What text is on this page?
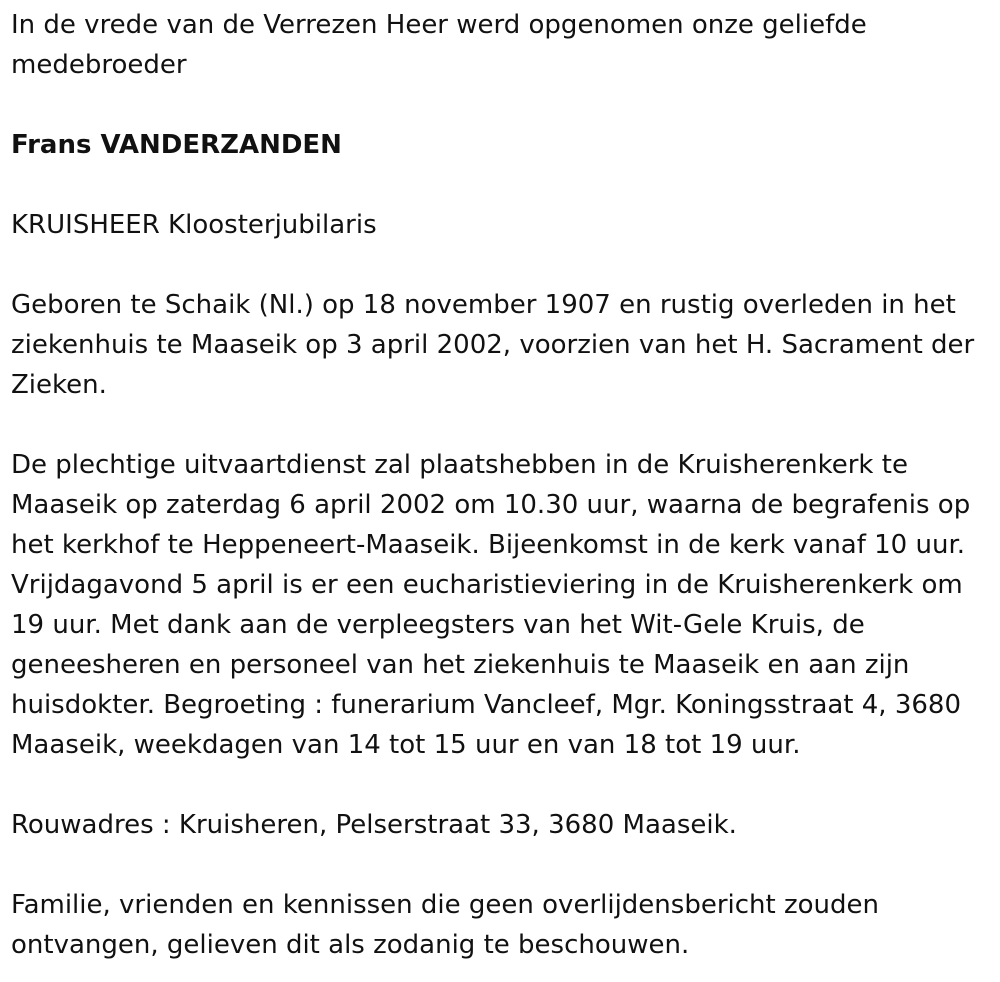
In de vrede van de Verrezen Heer werd opgenomen onze geliefde

medebroeder

Frans VANDERZANDEN

KRUISHEER Kloosterjubilaris

Geboren te Schaik (Nl.) op 18 november 1907 en rustig overleden in het

ziekenhuis te Maaseik op 3 april 2002, voorzien van het H. Sacrament der

Zieken.

De plechtige uitvaartdienst zal plaatshebben in de Kruisherenkerk te

Maaseik op zaterdag 6 april 2002 om 10.30 uur, waarna de begrafenis op

het kerkhof te Heppeneert-Maaseik. Bijeenkomst in de kerk vanaf 10 uur.

Vrijdagavond 5 april is er een eucharistieviering in de Kruisherenkerk om

19 uur. Met dank aan de verpleegsters van het Wit-Gele Kruis, de

geneesheren en personeel van het ziekenhuis te Maaseik en aan zijn

huisdokter. Begroeting : funerarium Vancleef, Mgr. Koningsstraat 4, 3680

Maaseik, weekdagen van 14 tot 15 uur en van 18 tot 19 uur.

Rouwadres : Kruisheren, Pelserstraat 33, 3680 Maaseik.

Familie, vrienden en kennissen die geen overlijdensbericht zouden

ontvangen, gelieven dit als zodanig te beschouwen.
